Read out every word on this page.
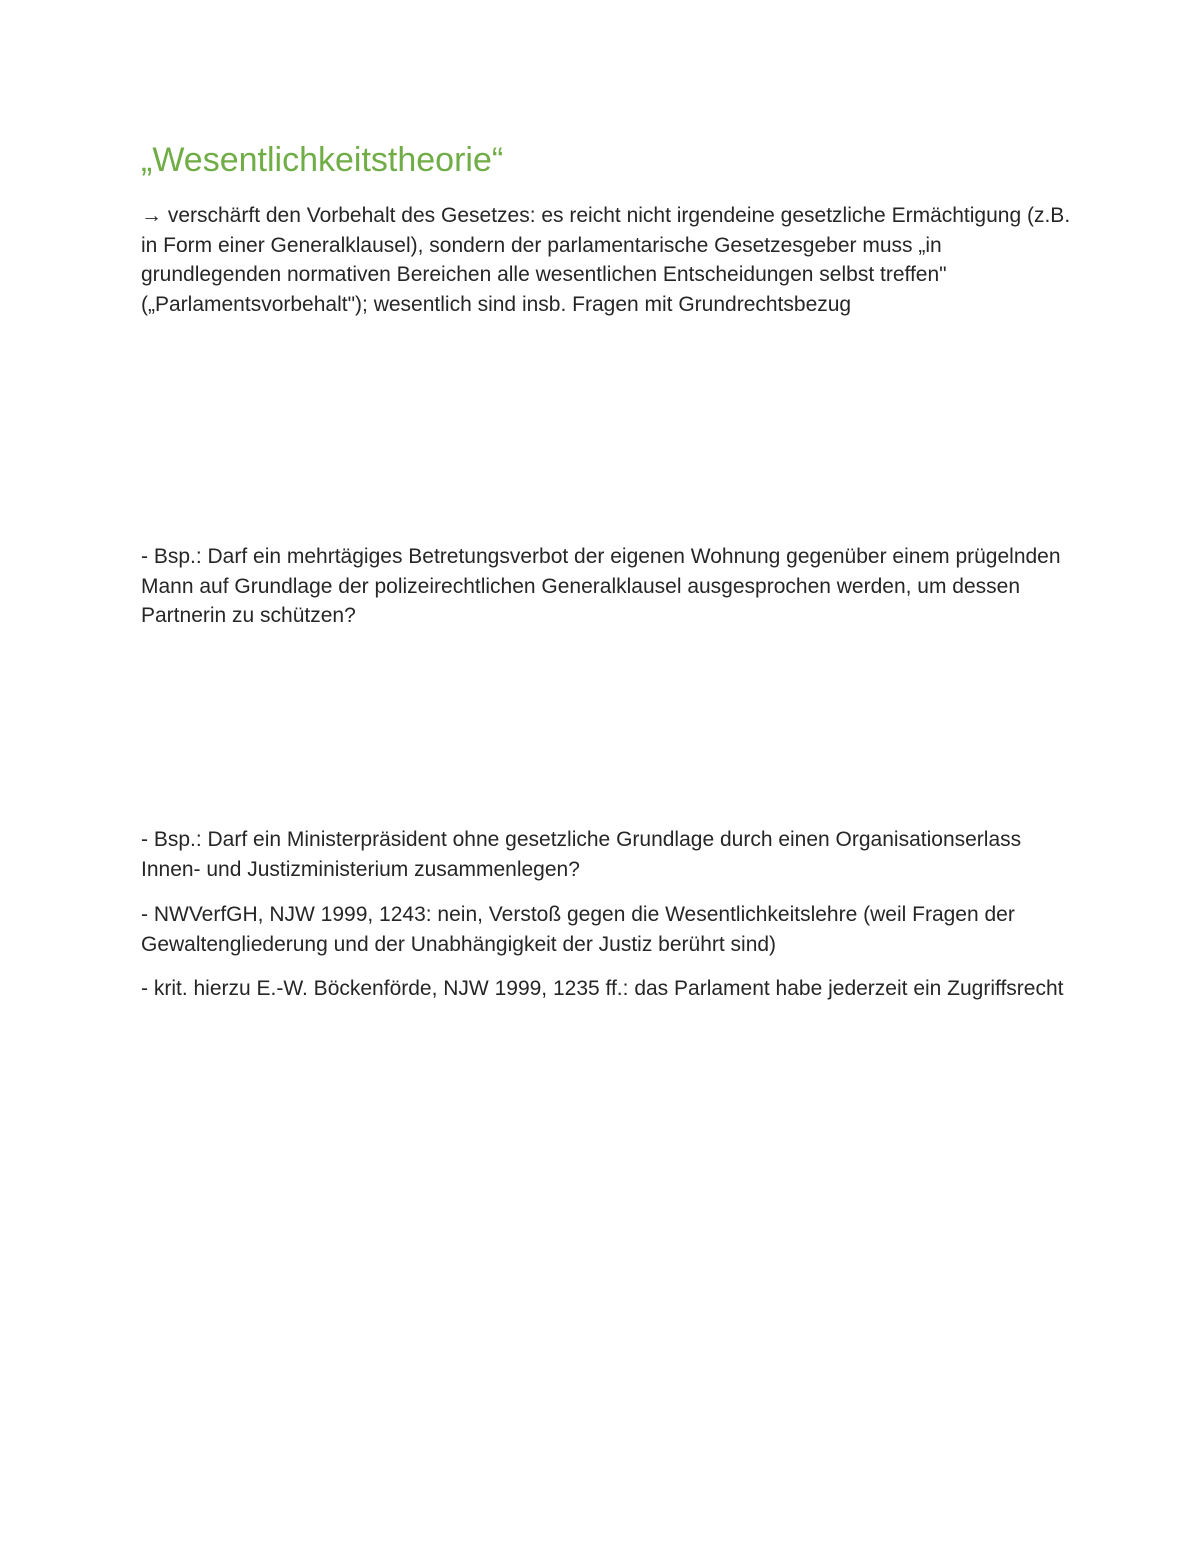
„Wesentlichkeitstheorie“

→ verschärft den Vorbehalt des Gesetzes: es reicht nicht irgendeine gesetzliche Ermächtigung (z.B. in Form einer Generalklausel), sondern der parlamentarische Gesetzesgeber muss „in grundlegenden normativen Bereichen alle wesentlichen Entscheidungen selbst treffen" („Parlamentsvorbehalt"); wesentlich sind insb. Fragen mit Grundrechtsbezug

- Bsp.: Darf ein mehrtägiges Betretungsverbot der eigenen Wohnung gegenüber einem prügelnden Mann auf Grundlage der polizeirechtlichen Generalklausel ausgesprochen werden, um dessen Partnerin zu schützen?

- Bsp.: Darf ein Ministerpräsident ohne gesetzliche Grundlage durch einen Organisationserlass Innen- und Justizministerium zusammenlegen?

- NWVerfGH, NJW 1999, 1243: nein, Verstoß gegen die Wesentlichkeitslehre (weil Fragen der Gewaltengliederung und der Unabhängigkeit der Justiz berührt sind)

- krit. hierzu E.-W. Böckenförde, NJW 1999, 1235 ff.: das Parlament habe jederzeit ein Zugriffsrecht
